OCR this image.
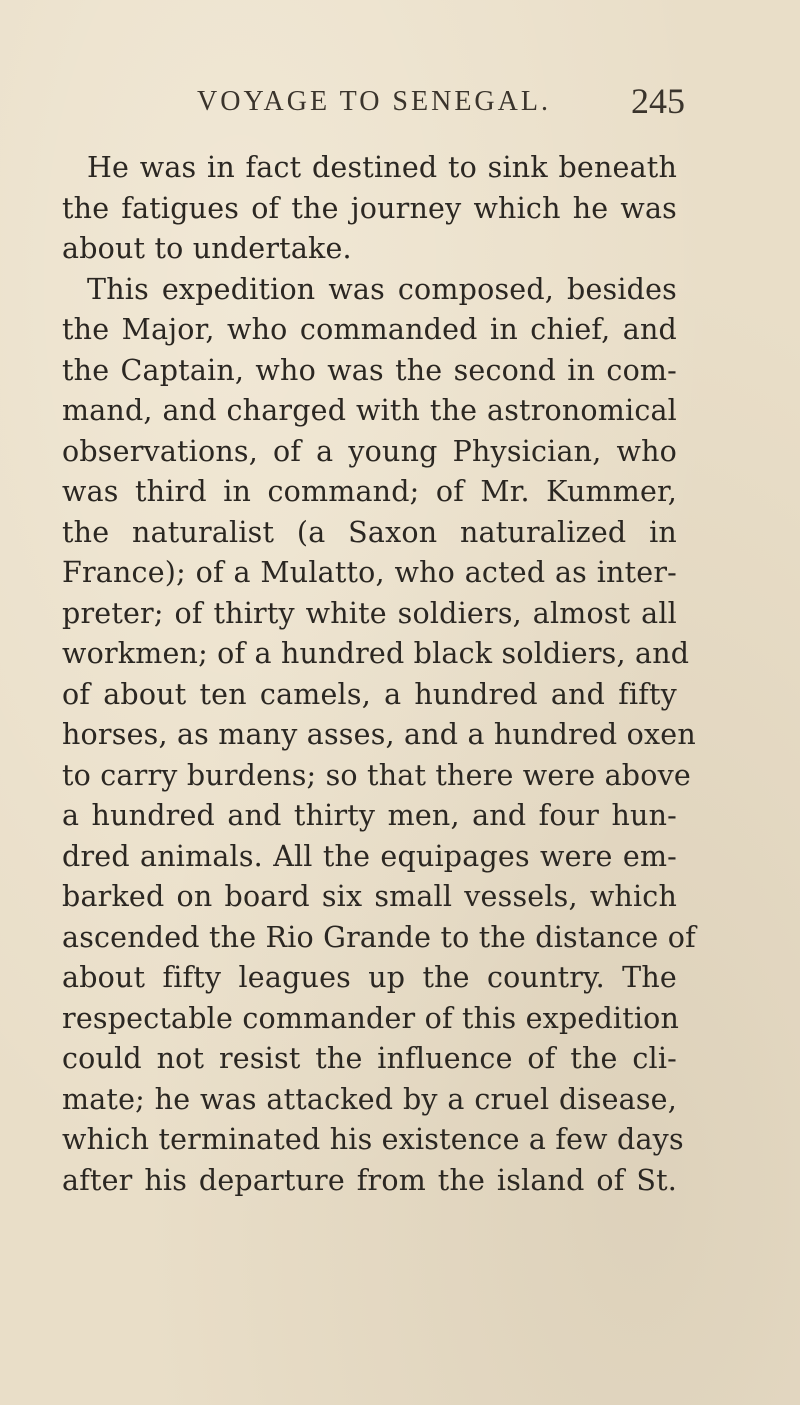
VOYAGE TO SENEGAL. 245
He was in fact destined to sink beneath
the fatigues of the journey which he was
about to undertake.
This expedition was composed, besides
the Major, who commanded in chief, and
the Captain, who was the second in com-
mand, and charged with the astronomical
observations, of a young Physician, who
was third in command; of Mr. Kummer,
the naturalist (a Saxon naturalized in
France); of a Mulatto, who acted as inter-
preter; of thirty white soldiers, almost all
workmen; of a hundred black soldiers, and
of about ten camels, a hundred and fifty
horses, as many asses, and a hundred oxen
to carry burdens; so that there were above
a hundred and thirty men, and four hun-
dred animals. All the equipages were em-
barked on board six small vessels, which
ascended the Rio Grande to the distance of
about fifty leagues up the country. The
respectable commander of this expedition
could not resist the influence of the cli-
mate; he was attacked by a cruel disease,
which terminated his existence a few days
after his departure from the island of St.
